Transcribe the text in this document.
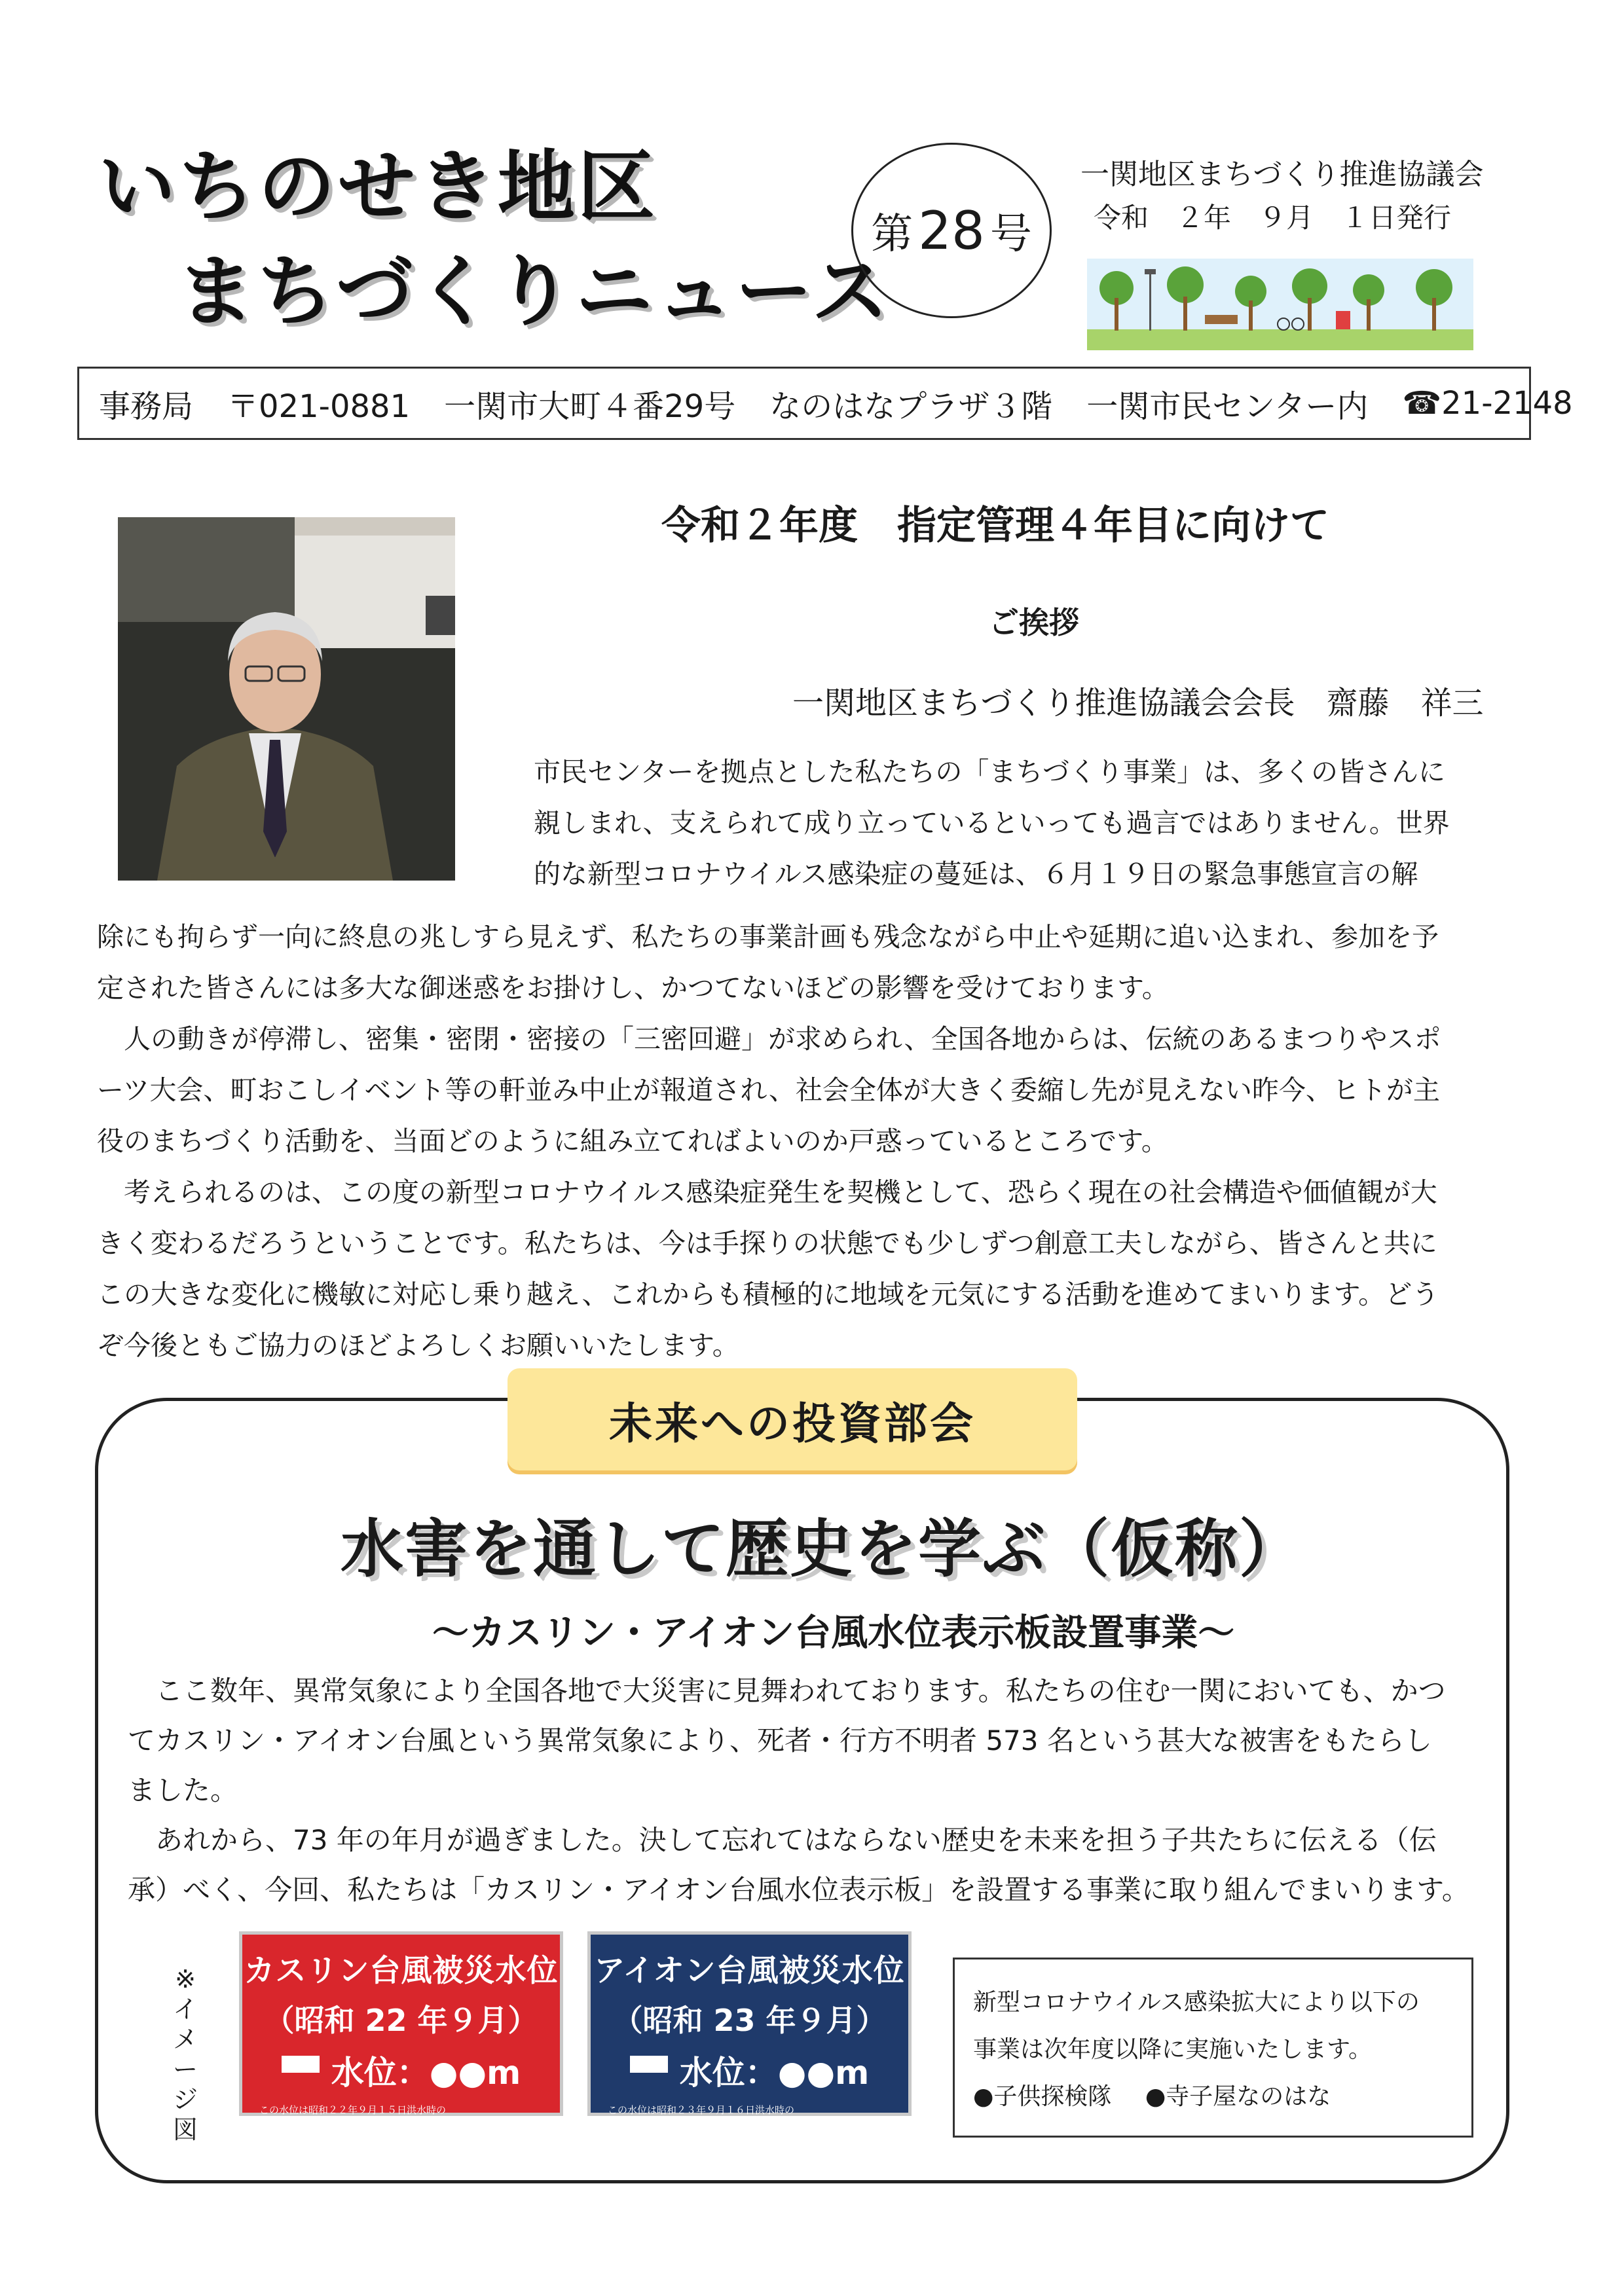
いちのせき地区
まちづくりニュース
第 28 号
一関地区まちづくり推進協議会
令和　２年　９月　１日発行
事務局 〒021-0881 一関市大町４番29号 なのはなプラザ３階 一関市民センター内 ☎21-2148
令和２年度　指定管理４年目に向けて
ご挨拶
一関地区まちづくり推進協議会会長　齋藤　祥三

市民センターを拠点とした私たちの「まちづくり事業」は、多くの皆さんに

親しまれ、支えられて成り立っているといっても過言ではありません。世界

的な新型コロナウイルス感染症の蔓延は、６月１９日の緊急事態宣言の解

除にも拘らず一向に終息の兆しすら見えず、私たちの事業計画も残念ながら中止や延期に追い込まれ、参加を予

定された皆さんには多大な御迷惑をお掛けし、かつてないほどの影響を受けております。

　人の動きが停滞し、密集・密閉・密接の「三密回避」が求められ、全国各地からは、伝統のあるまつりやスポ

ーツ大会、町おこしイベント等の軒並み中止が報道され、社会全体が大きく委縮し先が見えない昨今、ヒトが主

役のまちづくり活動を、当面どのように組み立てればよいのか戸惑っているところです。

　考えられるのは、この度の新型コロナウイルス感染症発生を契機として、恐らく現在の社会構造や価値観が大

きく変わるだろうということです。私たちは、今は手探りの状態でも少しずつ創意工夫しながら、皆さんと共に

この大きな変化に機敏に対応し乗り越え、これからも積極的に地域を元気にする活動を進めてまいります。どう

ぞ今後ともご協力のほどよろしくお願いいたします。

未来への投資部会
水害を通して歴史を学ぶ（仮称）
～カスリン・アイオン台風水位表示板設置事業～

　ここ数年、異常気象により全国各地で大災害に見舞われております。私たちの住む一関においても、かつ

てカスリン・アイオン台風という異常気象により、死者・行方不明者 573 名という甚大な被害をもたらし

ました。

　あれから、73 年の年月が過ぎました。決して忘れてはならない歴史を未来を担う子共たちに伝える（伝

承）べく、今回、私たちは「カスリン・アイオン台風水位表示板」を設置する事業に取り組んでまいります。

※イメージ図
カスリン台風被災水位
（昭和 22 年９月）
水位：●●m
この水位は昭和２２年９月１５日洪水時の
概ねの最高水位を表示しております。
アイオン台風被災水位
（昭和 23 年９月）
水位：●●m
この水位は昭和２３年９月１６日洪水時の
概ねの最高水位を表示しております。

新型コロナウイルス感染拡大により以下の

事業は次年度以降に実施いたします。

●子供探検隊 ●寺子屋なのはな
